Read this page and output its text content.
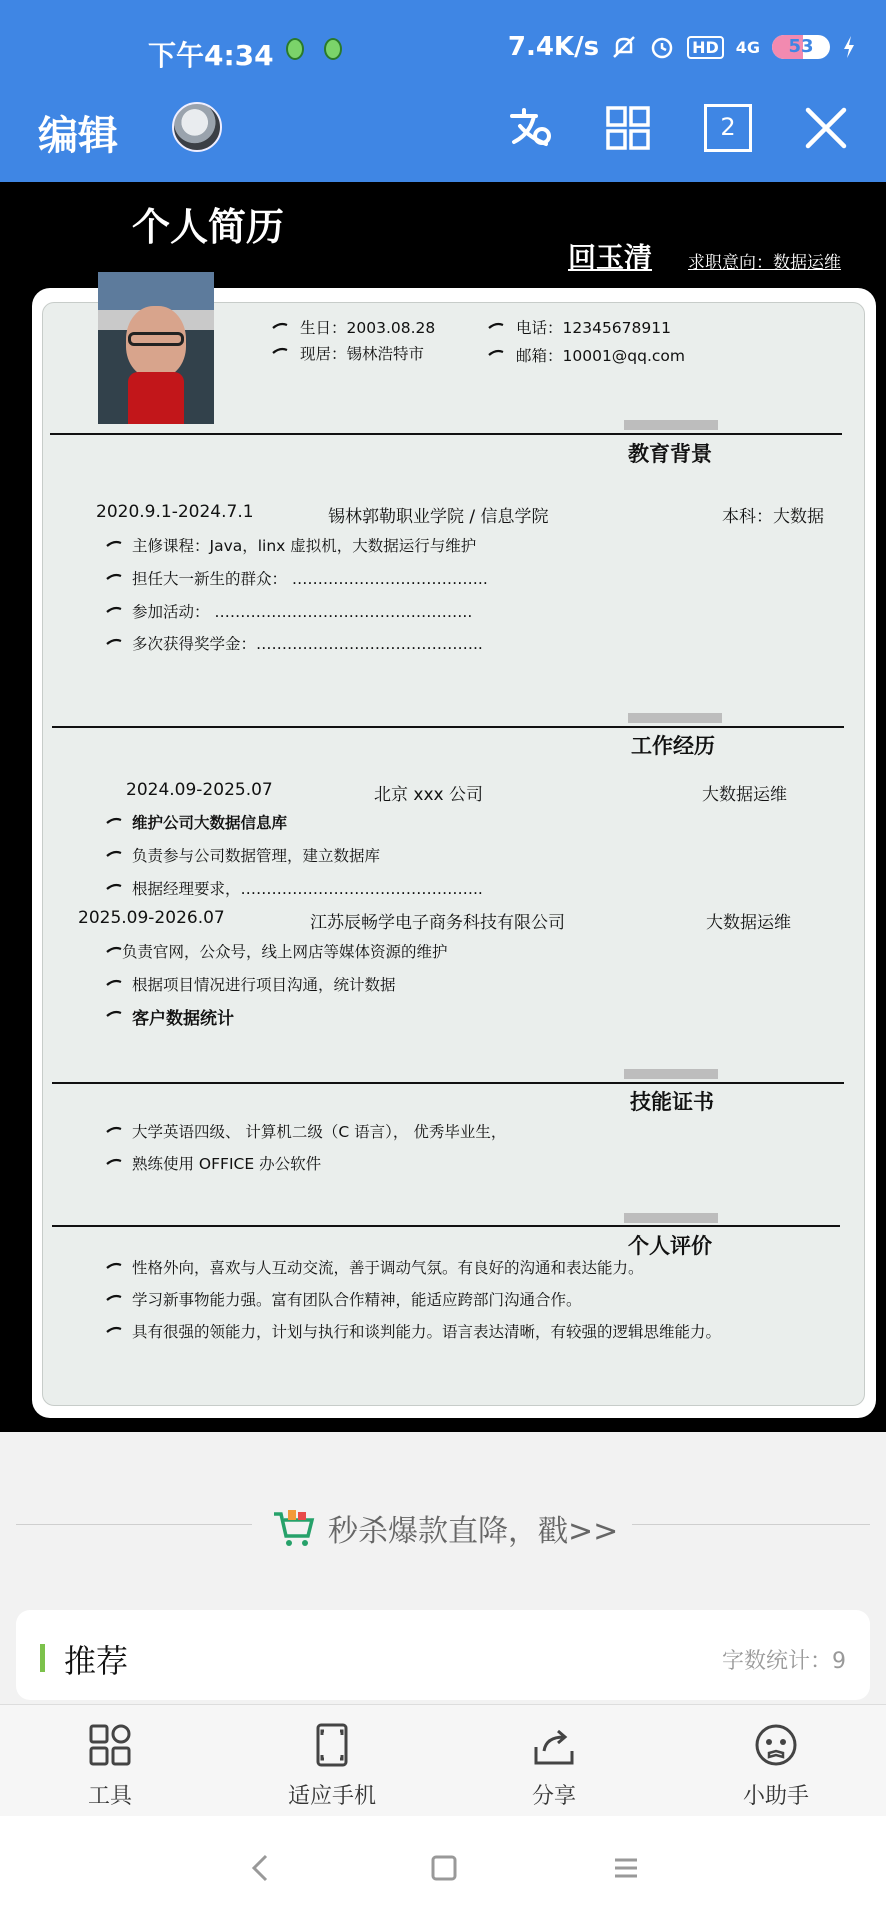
下午4:34	7.4K/s	HD	4G	53
编辑	2
个人简历
回玉清 求职意向：数据运维
生日：2003.08.28
现居：锡林浩特市
电话：12345678911
邮箱：10001@qq.com
教育背景
2020.9.1-2024.7.1	锡林郭勒职业学院 / 信息学院	本科：大数据
主修课程：Java，linx 虚拟机，大数据运行与维护
担任大一新生的群众： ………………………………..
参加活动： …………………………………………..
多次获得奖学金：……………………………………..
工作经历
2024.09-2025.07	北京 xxx 公司	大数据运维
维护公司大数据信息库
负责参与公司数据管理，建立数据库
根据经理要求，………………………………………..
2025.09-2026.07	江苏辰畅学电子商务科技有限公司	大数据运维
负责官网，公众号，线上网店等媒体资源的维护
根据项目情况进行项目沟通，统计数据
客户数据统计
技能证书
大学英语四级、 计算机二级（C 语言）， 优秀毕业生，
熟练使用 OFFICE 办公软件
个人评价
性格外向，喜欢与人互动交流，善于调动气氛。有良好的沟通和表达能力。
学习新事物能力强。富有团队合作精神，能适应跨部门沟通合作。
具有很强的领能力，计划与执行和谈判能力。语言表达清晰，有较强的逻辑思维能力。
秒杀爆款直降，戳>>
推荐	字数统计：9
工具	适应手机	分享	小助手
